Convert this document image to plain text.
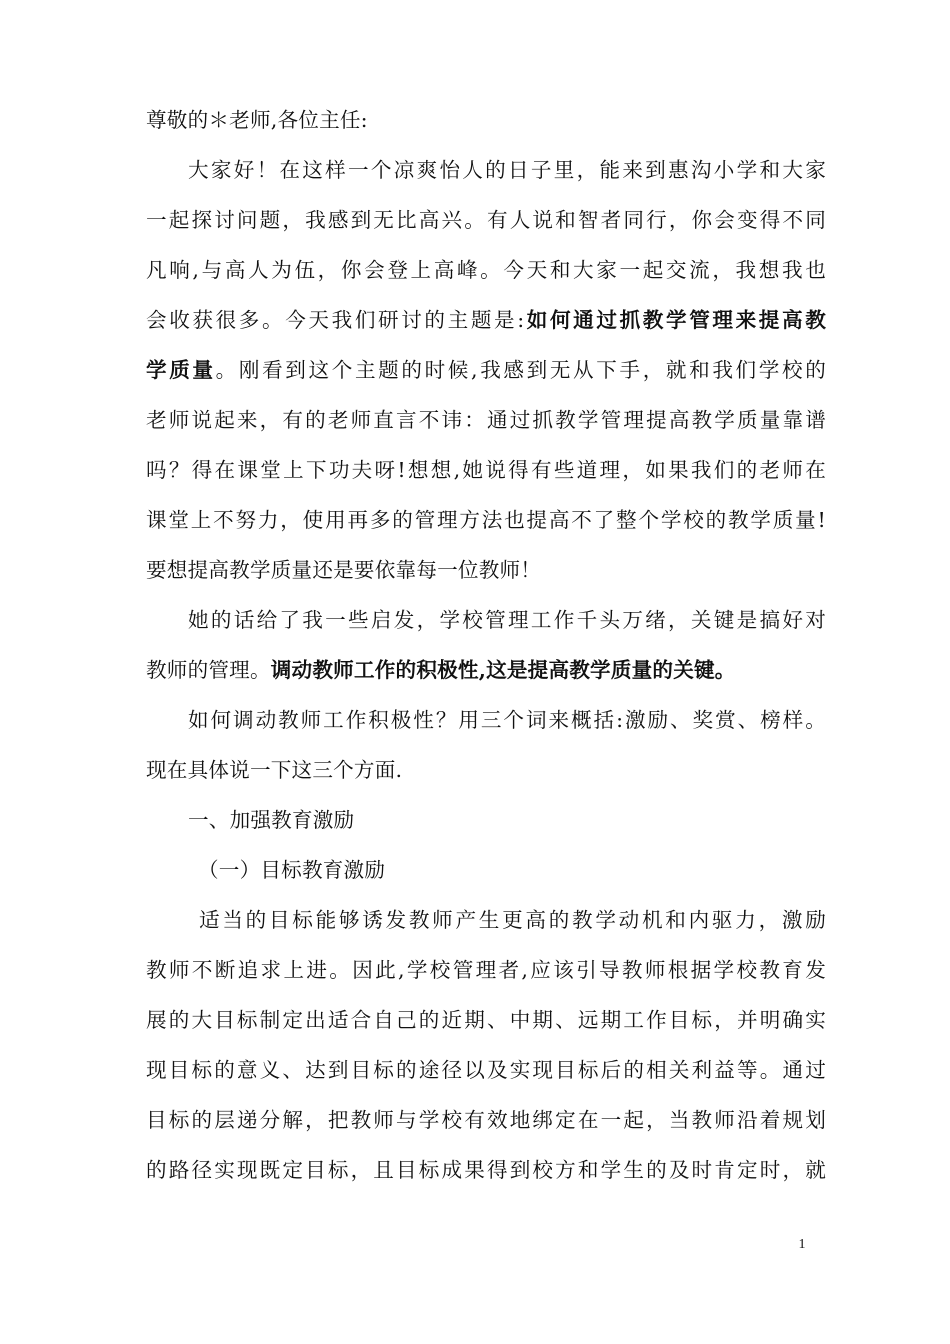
尊敬的＊老师,各位主任:

大家好！在这样一个凉爽怡人的日子里，能来到惠沟小学和大家

一起探讨问题，我感到无比高兴。有人说和智者同行，你会变得不同

凡响,与高人为伍，你会登上高峰。今天和大家一起交流，我想我也

会收获很多。今天我们研讨的主题是:如何通过抓教学管理来提高教

学质量。刚看到这个主题的时候,我感到无从下手，就和我们学校的

老师说起来，有的老师直言不讳：通过抓教学管理提高教学质量靠谱

吗？得在课堂上下功夫呀!想想,她说得有些道理，如果我们的老师在

课堂上不努力，使用再多的管理方法也提高不了整个学校的教学质量!

要想提高教学质量还是要依靠每一位教师！

她的话给了我一些启发，学校管理工作千头万绪，关键是搞好对

教师的管理。调动教师工作的积极性,这是提高教学质量的关键。

如何调动教师工作积极性？用三个词来概括:激励、奖赏、榜样。

现在具体说一下这三个方面.

一、加强教育激励

（一）目标教育激励

适当的目标能够诱发教师产生更高的教学动机和内驱力，激励

教师不断追求上进。因此,学校管理者,应该引导教师根据学校教育发

展的大目标制定出适合自己的近期、中期、远期工作目标，并明确实

现目标的意义、达到目标的途径以及实现目标后的相关利益等。通过

目标的层递分解，把教师与学校有效地绑定在一起，当教师沿着规划

的路径实现既定目标，且目标成果得到校方和学生的及时肯定时，就

1
